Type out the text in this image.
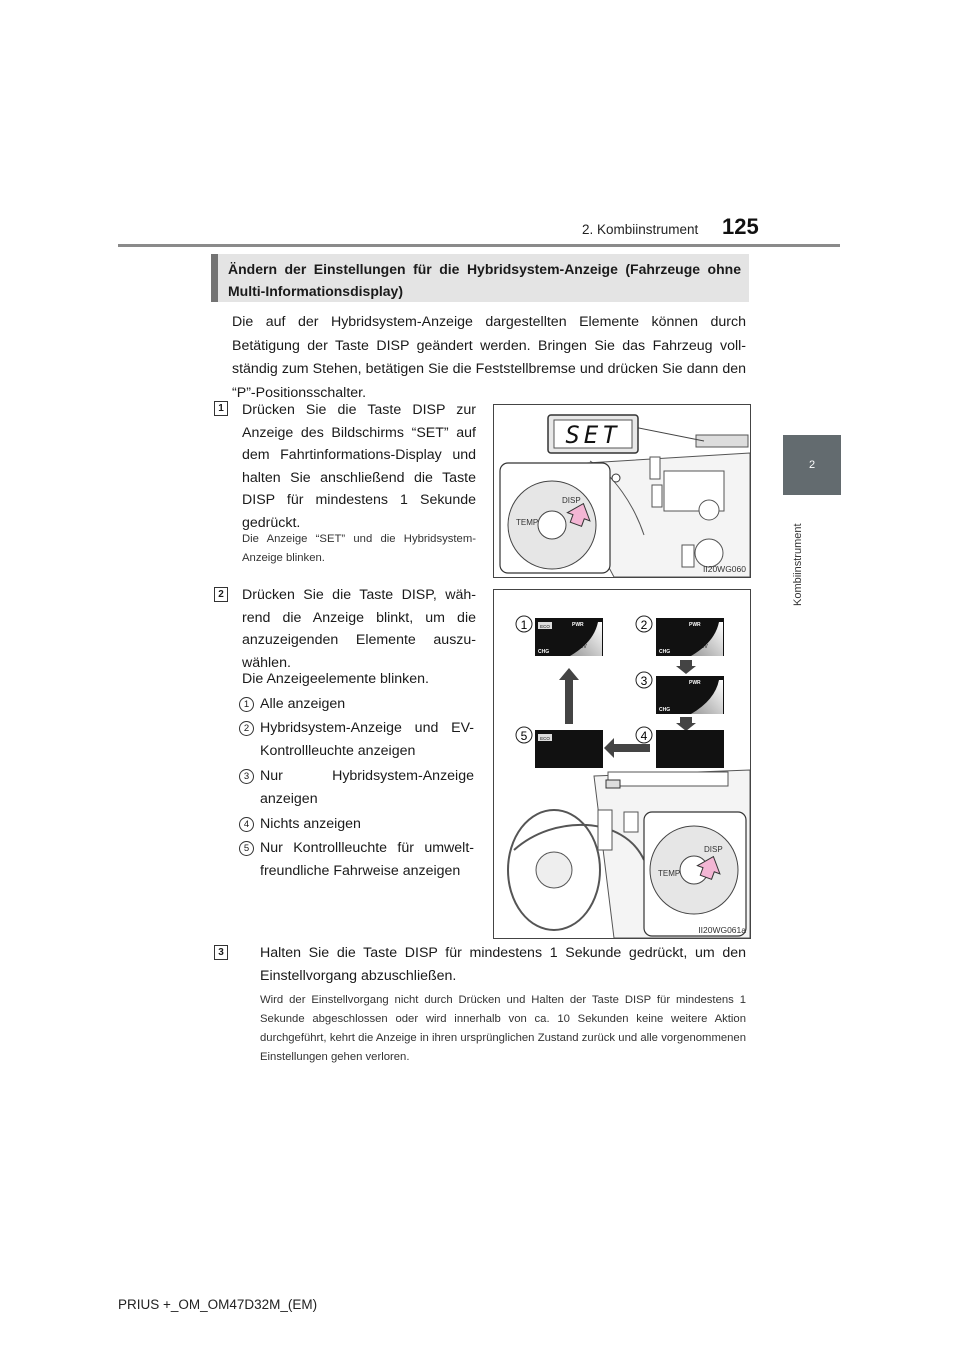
2. Kombiinstrument 125
2
Kombiinstrument
Ändern der Einstellungen für die Hybridsystem-Anzeige (Fahrzeuge ohne Multi-Informationsdisplay)
Die auf der Hybridsystem-Anzeige dargestellten Elemente können durch Betätigung der Taste DISP geändert werden. Bringen Sie das Fahrzeug voll-ständig zum Stehen, betätigen Sie die Feststellbremse und drücken Sie dann den “P”-Positionsschalter.
1 Drücken Sie die Taste DISP zur Anzeige des Bildschirms “SET” auf dem Fahrtinformations-Display und halten Sie anschließend die Taste DISP für mindestens 1 Sekunde gedrückt.
Die Anzeige “SET” und die Hybridsystem-Anzeige blinken.
SET
TEMP
DISP
II20WG060
2 Drücken Sie die Taste DISP, wäh-rend die Anzeige blinkt, um die anzuzeigenden Elemente auszu-wählen.
Die Anzeigeelemente blinken.
1 Alle anzeigen
2 Hybridsystem-Anzeige und EV-Kontrollleuchte anzeigen
3 Nur Hybridsystem-Anzeige anzeigen
4 Nichts anzeigen
5 Nur Kontrollleuchte für umwelt-freundliche Fahrweise anzeigen
ECO	PWR
CHG
EV
1	PWR
CHG
EV
2
PWR
CHG
3
4
ECO
5
TEMP
DISP
II20WG061a
3	Halten Sie die Taste DISP für mindestens 1 Sekunde gedrückt, um den Einstellvorgang abzuschließen.
Wird der Einstellvorgang nicht durch Drücken und Halten der Taste DISP für mindestens 1 Sekunde abgeschlossen oder wird innerhalb von ca. 10 Sekunden keine weitere Aktion durchgeführt, kehrt die Anzeige in ihren ursprünglichen Zustand zurück und alle vorgenommenen Einstellungen gehen verloren.
PRIUS +_OM_OM47D32M_(EM)
